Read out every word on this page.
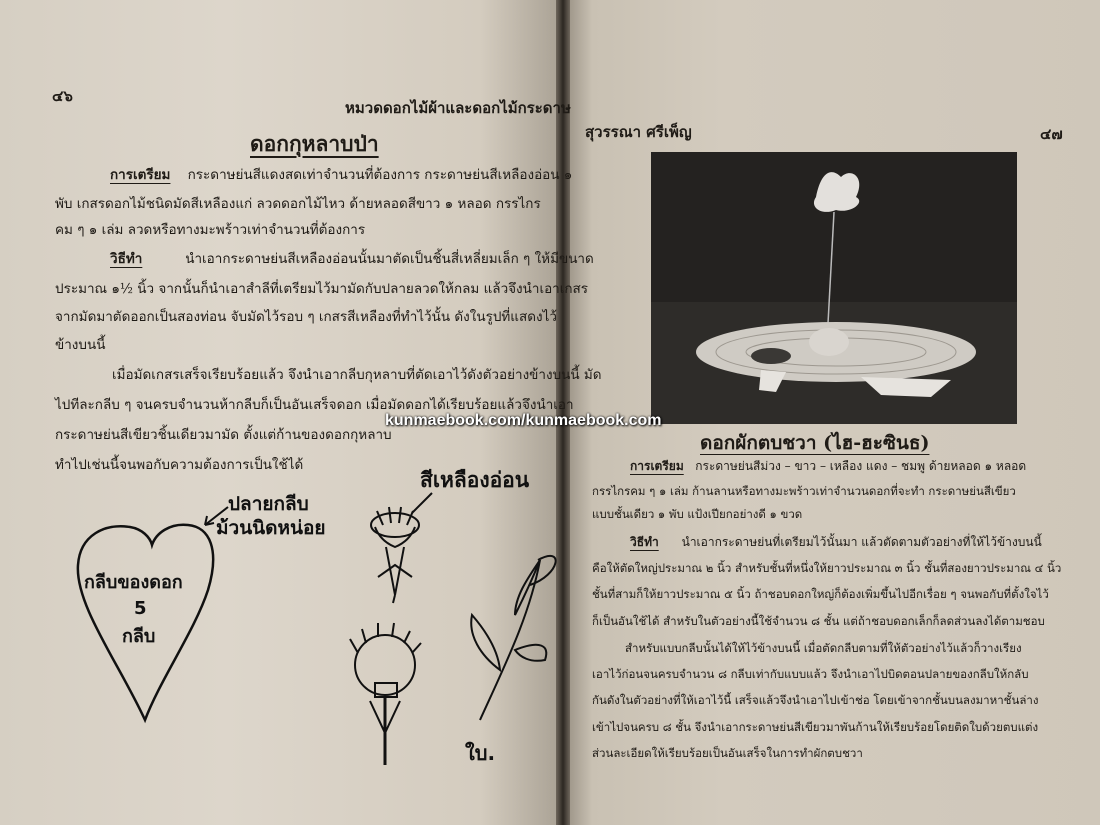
๔๖
หมวดดอกไม้ผ้าและดอกไม้กระดาษ
ดอกกุหลาบป่า
การเตรียม กระดาษย่นสีแดงสดเท่าจำนวนที่ต้องการ กระดาษย่นสีเหลืองอ่อน ๑
พับ เกสรดอกไม้ชนิดมัดสีเหลืองแก่ ลวดดอกไม้ไหว ด้ายหลอดสีขาว ๑ หลอด กรรไกร
คม ๆ ๑ เล่ม ลวดหรือทางมะพร้าวเท่าจำนวนที่ต้องการ
วิธีทำ	นำเอากระดาษย่นสีเหลืองอ่อนนั้นมาตัดเป็นชิ้นสี่เหลี่ยมเล็ก ๆ ให้มีขนาด
ประมาณ ๑½ นิ้ว จากนั้นก็นำเอาสำลีที่เตรียมไว้มามัดกับปลายลวดให้กลม แล้วจึงนำเอาเกสร
จากมัดมาตัดออกเป็นสองท่อน จับมัดไว้รอบ ๆ เกสรสีเหลืองที่ทำไว้นั้น ดังในรูปที่แสดงไว้
ข้างบนนี้
เมื่อมัดเกสรเสร็จเรียบร้อยแล้ว จึงนำเอากลีบกุหลาบที่ตัดเอาไว้ดังตัวอย่างข้างบนนี้ มัด
ไปทีละกลีบ ๆ จนครบจำนวนห้ากลีบก็เป็นอันเสร็จดอก เมื่อมัดดอกได้เรียบร้อยแล้วจึงนำเอา
กระดาษย่นสีเขียวชิ้นเดียวมามัด ตั้งแต่ก้านของดอกกุหลาบ
ทำไปเช่นนี้จนพอกับความต้องการเป็นใช้ได้
ปลายกลีบ
ม้วนนิดหน่อย
สีเหลืองอ่อน
กลีบของดอก
5
กลีบ
ใบ.
สุวรรณา ศรีเพ็ญ	๔๗
ดอกผักตบชวา (ไฮ-ฮะซินธ)
การเตรียม กระดาษย่นสีม่วง – ขาว – เหลือง แดง – ชมพู ด้ายหลอด ๑ หลอด
กรรไกรคม ๆ ๑ เล่ม ก้านลานหรือทางมะพร้าวเท่าจำนวนดอกที่จะทำ กระดาษย่นสีเขียว
แบบชั้นเดียว ๑ พับ แป้งเปียกอย่างดี ๑ ขวด
วิธีทำ นำเอากระดาษย่นที่เตรียมไว้นั้นมา แล้วตัดตามตัวอย่างที่ให้ไว้ข้างบนนี้
คือให้ตัดใหญ่ประมาณ ๒ นิ้ว สำหรับชั้นที่หนึ่งให้ยาวประมาณ ๓ นิ้ว ชั้นที่สองยาวประมาณ ๔ นิ้ว
ชั้นที่สามก็ให้ยาวประมาณ ๕ นิ้ว ถ้าชอบดอกใหญ่ก็ต้องเพิ่มขึ้นไปอีกเรื่อย ๆ จนพอกับที่ตั้งใจไว้
ก็เป็นอันใช้ได้ สำหรับในตัวอย่างนี้ใช้จำนวน ๘ ชั้น แต่ถ้าชอบดอกเล็กก็ลดส่วนลงได้ตามชอบ
สำหรับแบบกลีบนั้นได้ให้ไว้ข้างบนนี้ เมื่อตัดกลีบตามที่ให้ตัวอย่างไว้แล้วก็วางเรียง
เอาไว้ก่อนจนครบจำนวน ๘ กลีบเท่ากับแบบแล้ว จึงนำเอาไปบิดตอนปลายของกลีบให้กลับ
กันดังในตัวอย่างที่ให้เอาไว้นี้ เสร็จแล้วจึงนำเอาไปเข้าช่อ โดยเข้าจากชั้นบนลงมาหาชั้นล่าง
เข้าไปจนครบ ๘ ชั้น จึงนำเอากระดาษย่นสีเขียวมาพันก้านให้เรียบร้อยโดยติดใบด้วยตบแต่ง
ส่วนละเอียดให้เรียบร้อยเป็นอันเสร็จในการทำผักตบชวา
kunmaebook.com/kunmaebook.com
